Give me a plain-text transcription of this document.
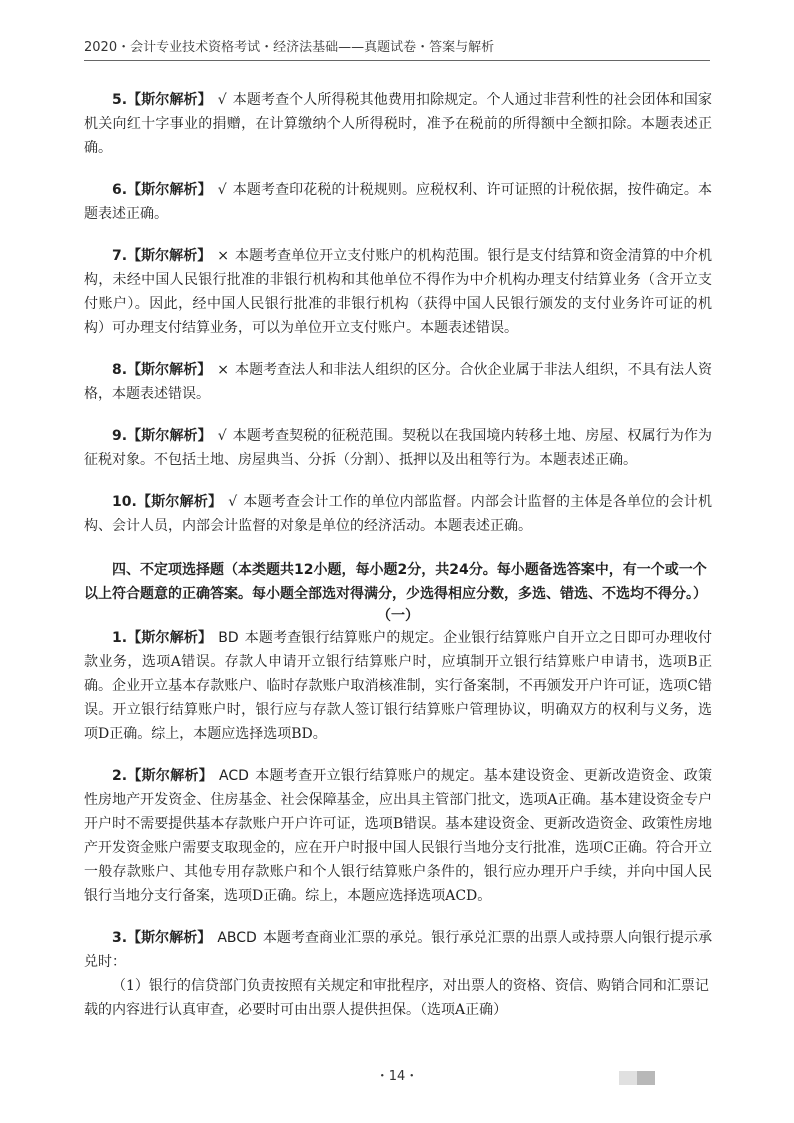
2020・会计专业技术资格考试・经济法基础——真题试卷・答案与解析

5.【斯尔解析】 √ 本题考查个人所得税其他费用扣除规定。个人通过非营利性的社会团体和国家机关向红十字事业的捐赠，在计算缴纳个人所得税时，准予在税前的所得额中全额扣除。本题表述正确。

6.【斯尔解析】 √ 本题考查印花税的计税规则。应税权利、许可证照的计税依据，按件确定。本题表述正确。

7.【斯尔解析】 × 本题考查单位开立支付账户的机构范围。银行是支付结算和资金清算的中介机构，未经中国人民银行批准的非银行机构和其他单位不得作为中介机构办理支付结算业务（含开立支付账户）。因此，经中国人民银行批准的非银行机构（获得中国人民银行颁发的支付业务许可证的机构）可办理支付结算业务，可以为单位开立支付账户。本题表述错误。

8.【斯尔解析】 × 本题考查法人和非法人组织的区分。合伙企业属于非法人组织，不具有法人资格，本题表述错误。

9.【斯尔解析】 √ 本题考查契税的征税范围。契税以在我国境内转移土地、房屋、权属行为作为征税对象。不包括土地、房屋典当、分拆（分割）、抵押以及出租等行为。本题表述正确。

10.【斯尔解析】 √ 本题考查会计工作的单位内部监督。内部会计监督的主体是各单位的会计机构、会计人员，内部会计监督的对象是单位的经济活动。本题表述正确。

四、不定项选择题（本类题共12小题，每小题2分，共24分。每小题备选答案中，有一个或一个以上符合题意的正确答案。每小题全部选对得满分，少选得相应分数，多选、错选、不选均不得分。）

（一）

1.【斯尔解析】 BD 本题考查银行结算账户的规定。企业银行结算账户自开立之日即可办理收付款业务，选项A错误。存款人申请开立银行结算账户时，应填制开立银行结算账户申请书，选项B正确。企业开立基本存款账户、临时存款账户取消核准制，实行备案制，不再颁发开户许可证，选项C错误。开立银行结算账户时，银行应与存款人签订银行结算账户管理协议，明确双方的权利与义务，选项D正确。综上，本题应选择选项BD。

2.【斯尔解析】 ACD 本题考查开立银行结算账户的规定。基本建设资金、更新改造资金、政策性房地产开发资金、住房基金、社会保障基金，应出具主管部门批文，选项A正确。基本建设资金专户开户时不需要提供基本存款账户开户许可证，选项B错误。基本建设资金、更新改造资金、政策性房地产开发资金账户需要支取现金的，应在开户时报中国人民银行当地分支行批准，选项C正确。符合开立一般存款账户、其他专用存款账户和个人银行结算账户条件的，银行应办理开户手续，并向中国人民银行当地分支行备案，选项D正确。综上，本题应选择选项ACD。

3.【斯尔解析】 ABCD 本题考查商业汇票的承兑。银行承兑汇票的出票人或持票人向银行提示承兑时：

（1）银行的信贷部门负责按照有关规定和审批程序，对出票人的资格、资信、购销合同和汇票记载的内容进行认真审查，必要时可由出票人提供担保。（选项A正确）

・14・
